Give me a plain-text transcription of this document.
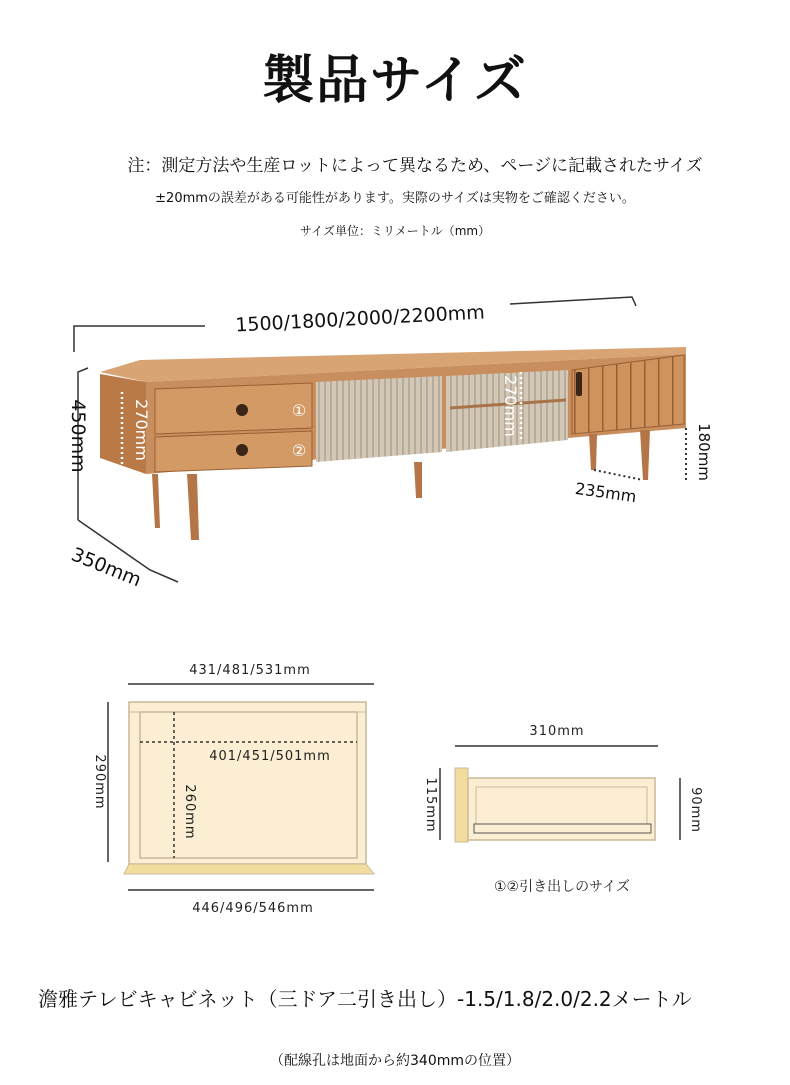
製品サイズ
注：測定方法や生産ロットによって異なるため、ページに記載されたサイズ
±20mmの誤差がある可能性があります。実際のサイズは実物をご確認ください。
サイズ単位：ミリメートル（mm）
1500/1800/2000/2200mm
450mm
350mm
①
②
270mm	270mm
180mm
235mm
431/481/531mm
290mm	401/451/501mm
260mm
446/496/546mm
310mm
115mm	90mm
①②引き出しのサイズ
澹雅テレビキャビネット（三ドア二引き出し）-1.5/1.8/2.0/2.2メートル
（配線孔は地面から約340mmの位置）
